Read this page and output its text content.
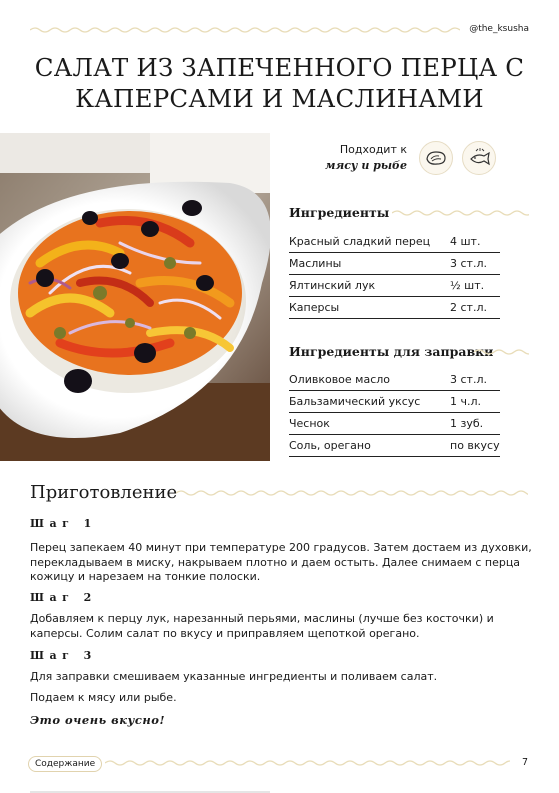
@the_ksusha
САЛАТ ИЗ ЗАПЕЧЕННОГО ПЕРЦА С
КАПЕРСАМИ И МАСЛИНАМИ
Подходит к
мясу и рыбе
Ингредиенты
Красный сладкий перец 4 шт.
Маслины	3 ст.л.
Ялтинский лук	½ шт.
Каперсы	2 ст.л.
Ингредиенты для заправки
Оливковое масло	3 ст.л.
Бальзамический уксус	1 ч.л.
Чеснок	1 зуб.
Соль, орегано	по вкусу
Приготовление
Шаг 1
Перец запекаем 40 минут при температуре 200 градусов. Затем достаем из духовки, перекладываем в миску, накрываем плотно и даем остыть. Далее снимаем с перца кожицу и нарезаем на тонкие полоски.
Шаг 2
Добавляем к перцу лук, нарезанный перьями, маслины (лучше без косточки) и каперсы. Солим салат по вкусу и приправляем щепоткой орегано.
Шаг 3
Для заправки смешиваем указанные ингредиенты и поливаем салат.
Подаем к мясу или рыбе.
Это очень вкусно!
Содержание	7
